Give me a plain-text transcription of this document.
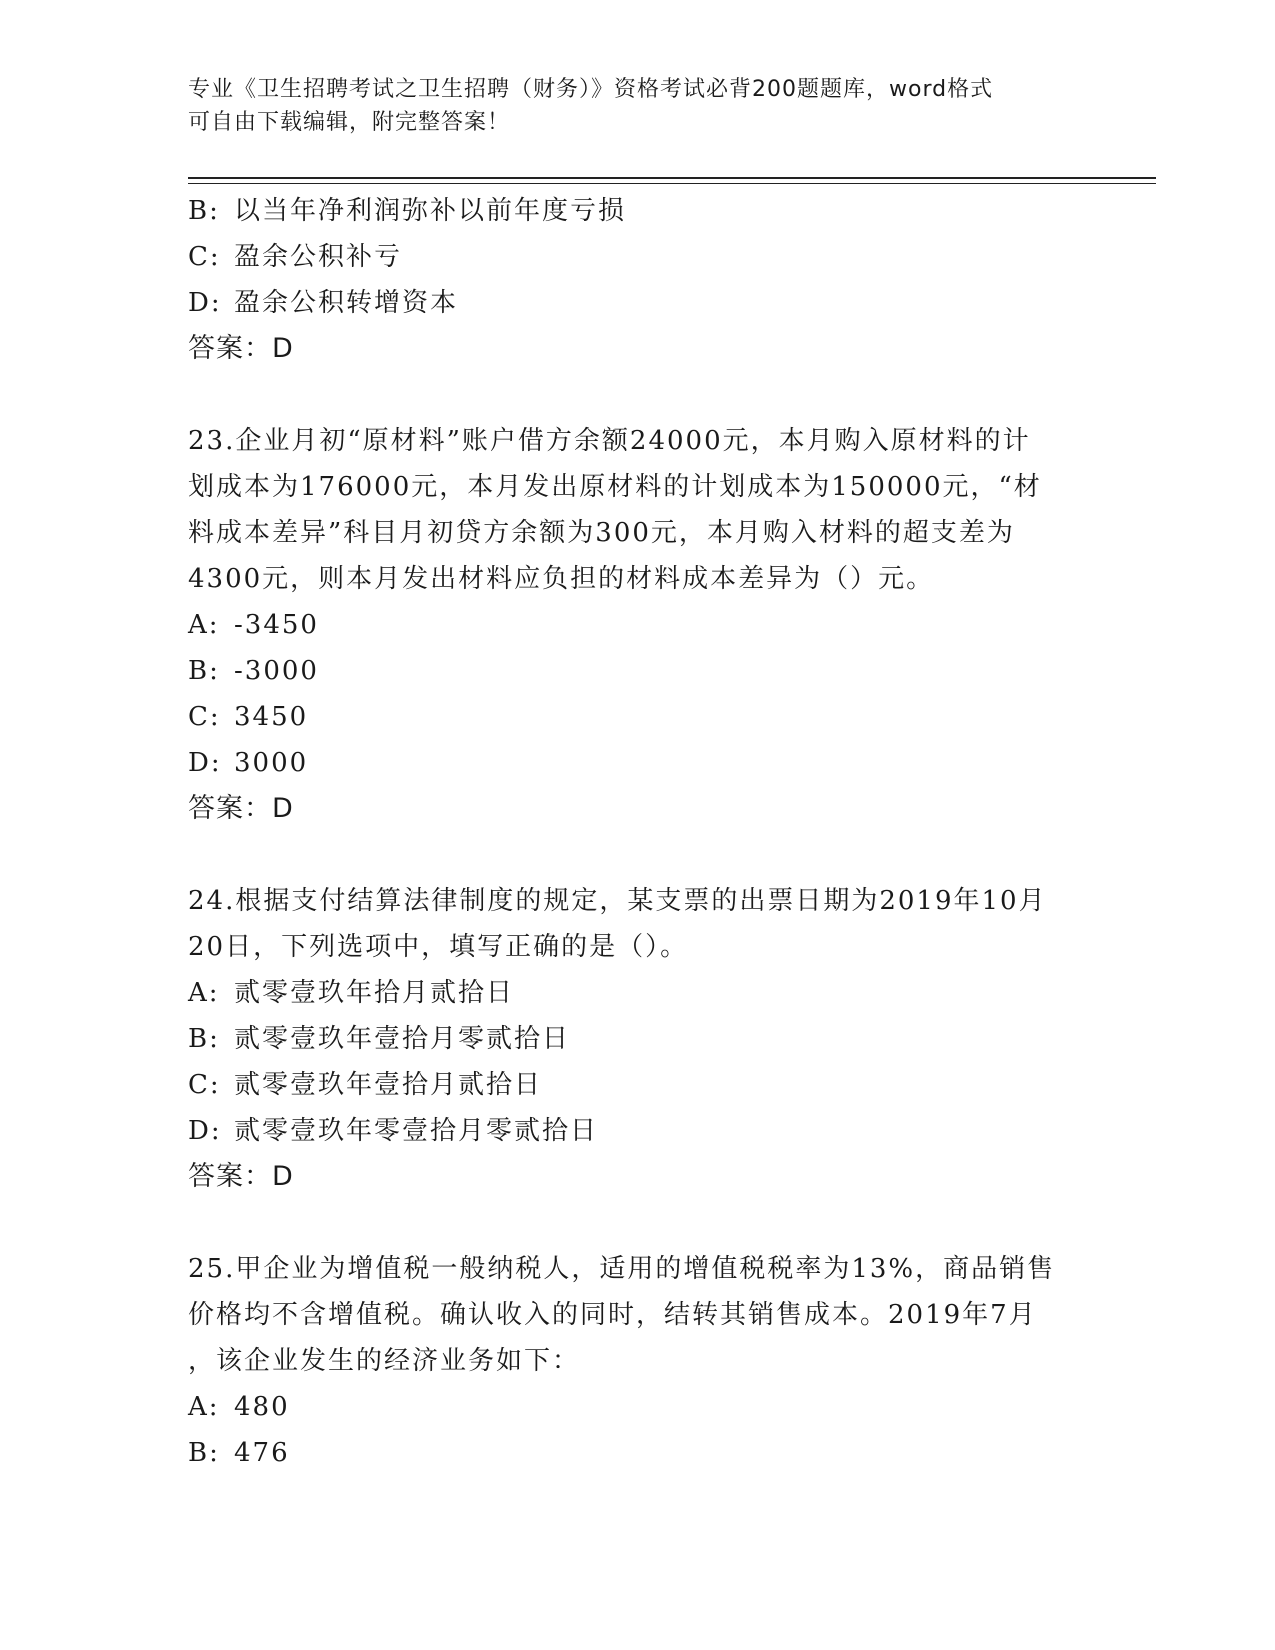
专业《卫生招聘考试之卫生招聘（财务）》资格考试必背200题题库，word格式
可自由下载编辑，附完整答案！
B: 以当年净利润弥补以前年度亏损
C: 盈余公积补亏
D: 盈余公积转增资本
答案：D
23.企业月初“原材料”账户借方余额24000元，本月购入原材料的计
划成本为176000元，本月发出原材料的计划成本为150000元，“材
料成本差异”科目月初贷方余额为300元，本月购入材料的超支差为
4300元，则本月发出材料应负担的材料成本差异为（）元。
A: -3450
B: -3000
C: 3450
D: 3000
答案：D
24.根据支付结算法律制度的规定，某支票的出票日期为2019年10月
20日，下列选项中，填写正确的是（）。
A: 贰零壹玖年拾月贰拾日
B: 贰零壹玖年壹拾月零贰拾日
C: 贰零壹玖年壹拾月贰拾日
D: 贰零壹玖年零壹拾月零贰拾日
答案：D
25.甲企业为增值税一般纳税人，适用的增值税税率为13%，商品销售
价格均不含增值税。确认收入的同时，结转其销售成本。2019年7月
，该企业发生的经济业务如下：
A: 480
B: 476
